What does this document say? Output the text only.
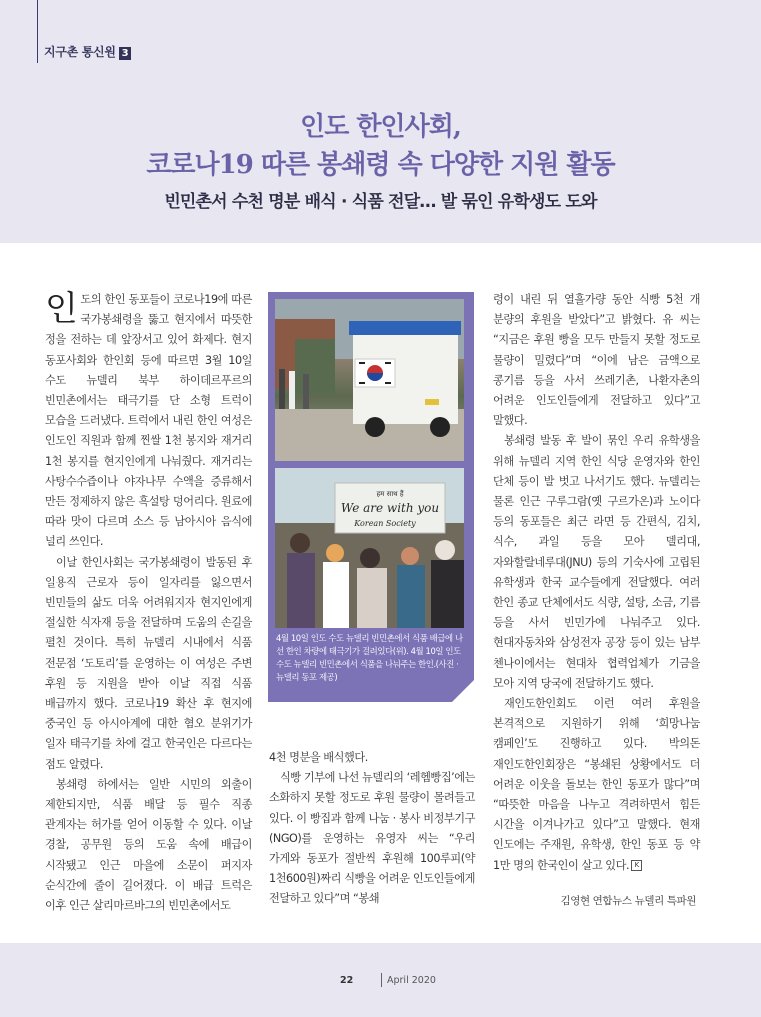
지구촌 통신원 3
인도 한인사회,
코로나19 따른 봉쇄령 속 다양한 지원 활동
빈민촌서 수천 명분 배식 · 식품 전달… 발 묶인 유학생도 도와

인도의 한인 동포들이 코로나19에 따른 국가봉쇄령을 뚫고 현지에서 따뜻한 정을 전하는 데 앞장서고 있어 화제다. 현지 동포사회와 한인회 등에 따르면 3월 10일 수도 뉴델리 북부 하이데르푸르의 빈민촌에서는 태극기를 단 소형 트럭이 모습을 드러냈다. 트럭에서 내린 한인 여성은 인도인 직원과 함께 찐쌀 1천 봉지와 재거리 1천 봉지를 현지인에게 나눠줬다. 재거리는 사탕수수즙이나 야자나무 수액을 증류해서 만든 정제하지 않은 흑설탕 덩어리다. 원료에 따라 맛이 다르며 소스 등 남아시아 음식에 널리 쓰인다.

이날 한인사회는 국가봉쇄령이 발동된 후 일용직 근로자 등이 일자리를 잃으면서 빈민들의 삶도 더욱 어려워지자 현지인에게 절실한 식자재 등을 전달하며 도움의 손길을 펼친 것이다. 특히 뉴델리 시내에서 식품 전문점 ‘도토리’를 운영하는 이 여성은 주변 후원 등 지원을 받아 이날 직접 식품 배급까지 했다. 코로나19 확산 후 현지에 중국인 등 아시아계에 대한 혐오 분위기가 일자 태극기를 차에 걸고 한국인은 다르다는 점도 알렸다.

봉쇄령 하에서는 일반 시민의 외출이 제한되지만, 식품 배달 등 필수 직종 관계자는 허가를 얻어 이동할 수 있다. 이날 경찰, 공무원 등의 도움 속에 배급이 시작됐고 인근 마을에 소문이 퍼지자 순식간에 줄이 길어졌다. 이 배급 트럭은 이후 인근 살리마르바그의 빈민촌에서도

हम साथ हैं
We are with you
Korean Society
4월 10일 인도 수도 뉴델리 빈민촌에서 식품 배급에 나선 한인 차량에 태극기가 걸려있다(위). 4월 10일 인도 수도 뉴델리 빈민촌에서 식품을 나눠주는 한인.(사진 · 뉴델리 동포 제공)

4천 명분을 배식했다.

식빵 기부에 나선 뉴델리의 ‘레헴빵집’에는 소화하지 못할 정도로 후원 물량이 몰려들고 있다. 이 빵집과 함께 나눔 · 봉사 비정부기구(NGO)를 운영하는 유영자 씨는 “우리 가게와 동포가 절반씩 후원해 100루피(약 1천600원)짜리 식빵을 어려운 인도인들에게 전달하고 있다”며 “봉쇄

령이 내린 뒤 열흘가량 동안 식빵 5천 개 분량의 후원을 받았다”고 밝혔다. 유 씨는 “지금은 후원 빵을 모두 만들지 못할 정도로 물량이 밀렸다”며 “이에 남은 금액으로 콩기름 등을 사서 쓰레기촌, 나환자촌의 어려운 인도인들에게 전달하고 있다”고 말했다.

봉쇄령 발동 후 발이 묶인 우리 유학생을 위해 뉴델리 지역 한인 식당 운영자와 한인 단체 등이 발 벗고 나서기도 했다. 뉴델리는 물론 인근 구루그람(옛 구르가온)과 노이다 등의 동포들은 최근 라면 등 간편식, 김치, 식수, 과일 등을 모아 델리대, 자와할랄네루대(JNU) 등의 기숙사에 고립된 유학생과 한국 교수들에게 전달했다. 여러 한인 종교 단체에서도 식량, 설탕, 소금, 기름 등을 사서 빈민가에 나눠주고 있다. 현대자동차와 삼성전자 공장 등이 있는 남부 첸나이에서는 현대차 협력업체가 기금을 모아 지역 당국에 전달하기도 했다.

재인도한인회도 이런 여러 후원을 본격적으로 지원하기 위해 ‘희망나눔 캠페인’도 진행하고 있다. 박의돈 재인도한인회장은 “봉쇄된 상황에서도 더 어려운 이웃을 돌보는 한인 동포가 많다”며 “따뜻한 마음을 나누고 격려하면서 힘든 시간을 이겨나가고 있다”고 말했다. 현재 인도에는 주재원, 유학생, 한인 동포 등 약 1만 명의 한국인이 살고 있다. K

김영현 연합뉴스 뉴델리 특파원
22	April 2020
